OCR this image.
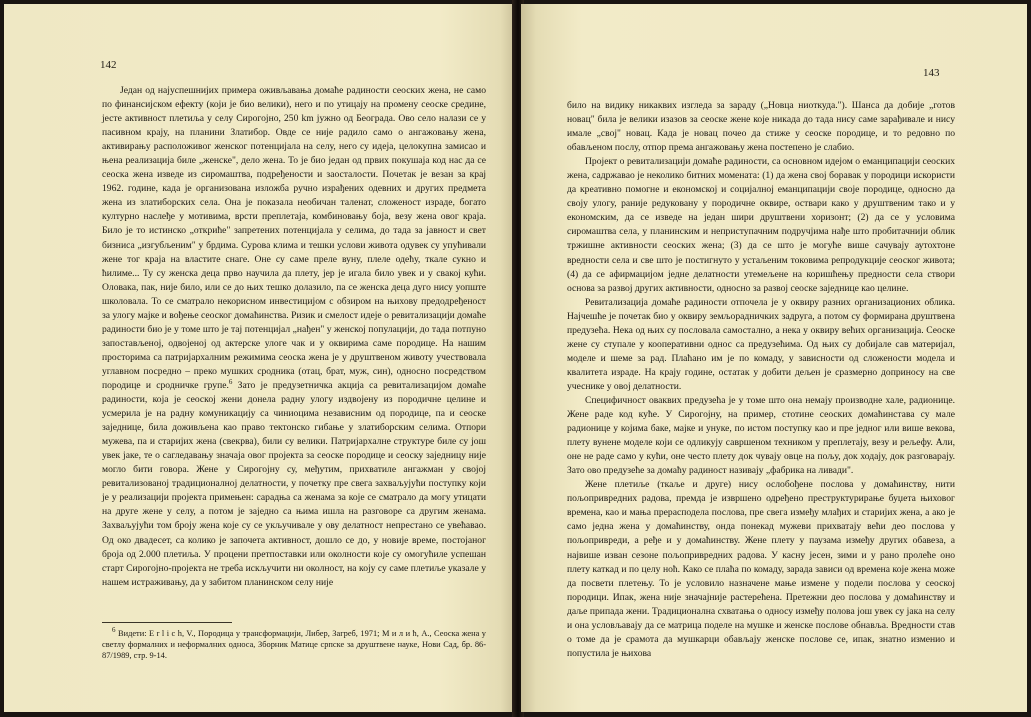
142

Један од најуспешнијих примера оживљавања домаће радиности сеоских жена, не само по финансијском ефекту (који је био велики), него и по утицају на промену сеоске средине, јесте активност плетиља у селу Сирогојно, 250 km јужно од Београда. Ово село налази се у пасивном крају, на планини Златибор. Овде се није радило само о ангажовању жена, активирању расположивог женског потенцијала на селу, него су идеја, целокупна замисао и њена реализација биле „женске", дело жена. То је био један од првих покушаја код нас да се сеоска жена изведе из сиромаштва, подређености и заосталости. Почетак је везан за крај 1962. године, када је организована изложба ручно израђених одевних и других предмета жена из златиборских села. Она је показала необичан таленат, сложеност израде, богато културно наслеђе у мотивима, врсти преплетаја, комбиновању боја, везу жена овог краја. Било је то истинско „откриће" запретених потенцијала у селима, до тада за јавност и свет бизниса „изгубљеним" у брдима. Сурова клима и тешки услови живота одувек су упућивали жене тог краја на властите снаге. Оне су саме преле вуну, плеле одећу, ткале сукно и ћилиме... Ту су женска деца прво научила да плету, јер је игала било увек и у свакој кући. Оловака, пак, није било, или се до њих тешко долазило, па се женска деца дуго нису уопште школовала. То се сматрало некорисном инвестицијом с обзиром на њихову предодређеност за улогу мајке и вођење сеоског домаћинства. Ризик и смелост идеје о ревитализацији домаће радиности био је у томе што је тај потенцијал „нађен" у женској популацији, до тада потпуно запостављеној, одвојеној од актерске улоге чак и у оквирима саме породице. На нашим просторима са патријархалним режимима сеоска жена је у друштвеном животу учествовала углавном посредно – преко мушких сродника (отац, брат, муж, син), односно посредством породице и сродничке групе.$^6$ Зато је предузетничка акција са ревитализацијом домаће радиности, која је сеоској жени донела радну улогу издвојену из породичне целине и усмерила је на радну комуникацију са чиниоцима независним од породице, па и сеоске заједнице, била доживљена као право тектонско гибање у златиборским селима. Отпори мужева, па и старијих жена (свекрва), били су велики. Патријархалне структуре биле су још увек јаке, те о сагледавању значаја овог пројекта за сеоске породице и сеоску заједницу није могло бити говора. Жене у Сирогојну су, међутим, прихватиле ангажман у својој ревитализованој традиционалној делатности, у почетку пре свега захваљујући поступку који је у реализацији пројекта примењен: сарадња са женама за које се сматрало да могу утицати на друге жене у селу, а потом је заједно са њима ишла на разговоре са другим женама. Захваљујући том броју жена које су се укључивале у ову делатност непрестано се увећавао. Од око двадесет, са колико је започета активност, дошло се до, у новије време, постојаног броја од 2.000 плетиља. У процени претпоставки или околности које су омогућиле успешан старт Сирогојно-пројекта не треба искључити ни околност, на коју су саме плетиље указале у нашем истраживању, да у забитом планинском селу није

$^6$ Видети: E r l i c h, V., Породица у трансформацији, Либер, Загреб, 1971; М и л и ћ, А., Сеоска жена у светлу формалних и неформалних односа, Зборник Матице српске за друштвене науке, Нови Сад, бр. 86-87/1989, стр. 9-14.

143

било на видику никаквих изгледа за зараду („Новца ниоткуда."). Шанса да добије „готов новац" била је велики изазов за сеоске жене које никада до тада нису саме зарађивале и нису имале „свој" новац. Када је новац почео да стиже у сеоске породице, и то редовно по обављеном послу, отпор према ангажовању жена постепено је слабио.

Пројект о ревитализацији домаће радиности, са основном идејом о еманципацији сеоских жена, садржавао је неколико битних момената: (1) да жена свој боравак у породици искористи да креативно помогне и економској и социјалној еманципацији своје породице, односно да своју улогу, раније редуковану у породичне оквире, оствари како у друштвеним тако и у економским, да се изведе на један шири друштвени хоризонт; (2) да се у условима сиромаштва села, у планинским и неприступачним подручјима нађе што пробитачнији облик тржишне активности сеоских жена; (3) да се што је могуће више сачувају аутохтоне вредности села и све што је постигнуто у устаљеним токовима репродукције сеоског живота; (4) да се афирмацијом једне делатности утемељене на коришћењу предности села створи основа за развој других активности, односно за развој сеоске заједнице као целине.

Ревитализација домаће радиности отпочела је у оквиру разних организационих облика. Најчешће је почетак био у оквиру земљорадничких задруга, а потом су формирана друштвена предузећа. Нека од њих су пословала самостално, а нека у оквиру већих организација. Сеоске жене су ступале у кооперативни однос са предузећима. Од њих су добијале сав материјал, моделе и шеме за рад. Плаћано им је по комаду, у зависности од сложености модела и квалитета израде. На крају године, остатак у добити дељен је сразмерно доприносу на све учеснике у овој делатности.

Специфичност оваквих предузећа је у томе што она немају производне хале, радионице. Жене раде код куће. У Сирогојну, на пример, стотине сеоских домаћинстава су мале радионице у којима баке, мајке и унуке, по истом поступку као и пре једног или више векова, плету вунене моделе који се одликују савршеном техником у преплетају, везу и рељефу. Али, оне не раде само у кући, оне често плету док чувају овце на пољу, док ходају, док разговарају. Зато ово предузеће за домаћу радиност називају „фабрика на ливади".

Жене плетиље (ткаље и друге) нису ослобођене послова у домаћинству, нити пољопривредних радова, премда је извршено одређено преструктурирање буџета њиховог времена, као и мања прерасподела послова, пре свега између млађих и старијих жена, а ако је само једна жена у домаћинству, онда понекад мужеви прихватају већи део послова у пољопривреди, а ређе и у домаћинству. Жене плету у паузама између других обавеза, а највише изван сезоне пољопривредних радова. У касну јесен, зими и у рано пролеће оно плету каткад и по целу ноћ. Како се плаћа по комаду, зарада зависи од времена које жена може да посвети плетењу. То је условило назначене мање измене у подели послова у сеоској породици. Ипак, жена није значајније растерећена. Претежни део послова у домаћинству и даље припада жени. Традиционална схватања о односу између полова још увек су јака на селу и она условљавају да се матрица поделе на мушке и женске послове обнавља. Вредности став о томе да је срамота да мушкарци обављају женске послове се, ипак, знатно изменио и попустила је њихова
